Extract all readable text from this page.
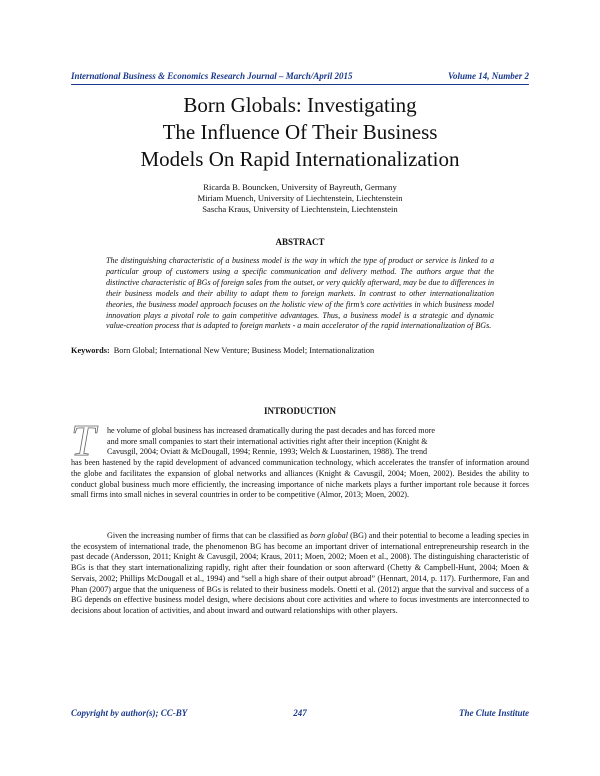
International Business & Economics Research Journal – March/April 2015	Volume 14, Number 2
Born Globals: Investigating
The Influence Of Their Business
Models On Rapid Internationalization
Ricarda B. Bouncken, University of Bayreuth, Germany
Miriam Muench, University of Liechtenstein, Liechtenstein
Sascha Kraus, University of Liechtenstein, Liechtenstein
ABSTRACT
The distinguishing characteristic of a business model is the way in which the type of product or service is linked to a particular group of customers using a specific communication and delivery method. The authors argue that the distinctive characteristic of BGs of foreign sales from the outset, or very quickly afterward, may be due to differences in their business models and their ability to adapt them to foreign markets. In contrast to other internationalization theories, the business model approach focuses on the holistic view of the firm’s core activities in which business model innovation plays a pivotal role to gain competitive advantages. Thus, a business model is a strategic and dynamic value-creation process that is adapted to foreign markets - a main accelerator of the rapid internationalization of BGs.
Keywords: Born Global; International New Venture; Business Model; Internationalization
INTRODUCTION
T	he volume of global business has increased dramatically during the past decades and has forced more
and more small companies to start their international activities right after their inception (Knight &
Cavusgil, 2004; Oviatt & McDougall, 1994; Rennie, 1993; Welch & Luostarinen, 1988). The trend
has been hastened by the rapid development of advanced communication technology, which accelerates the transfer of information around the globe and facilitates the expansion of global networks and alliances (Knight & Cavusgil, 2004; Moen, 2002). Besides the ability to conduct global business much more efficiently, the increasing importance of niche markets plays a further important role because it forces small firms into small niches in several countries in order to be competitive (Almor, 2013; Moen, 2002).
Given the increasing number of firms that can be classified as born global (BG) and their potential to become a leading species in the ecosystem of international trade, the phenomenon BG has become an important driver of international entrepreneurship research in the past decade (Andersson, 2011; Knight & Cavusgil, 2004; Kraus, 2011; Moen, 2002; Moen et al., 2008). The distinguishing characteristic of BGs is that they start internationalizing rapidly, right after their foundation or soon afterward (Chetty & Campbell-Hunt, 2004; Moen & Servais, 2002; Phillips McDougall et al., 1994) and “sell a high share of their output abroad” (Hennart, 2014, p. 117). Furthermore, Fan and Phan (2007) argue that the uniqueness of BGs is related to their business models. Onetti et al. (2012) argue that the survival and success of a BG depends on effective business model design, where decisions about core activities and where to focus investments are interconnected to decisions about location of activities, and about inward and outward relationships with other players.
Copyright by author(s); CC-BY	247	The Clute Institute
